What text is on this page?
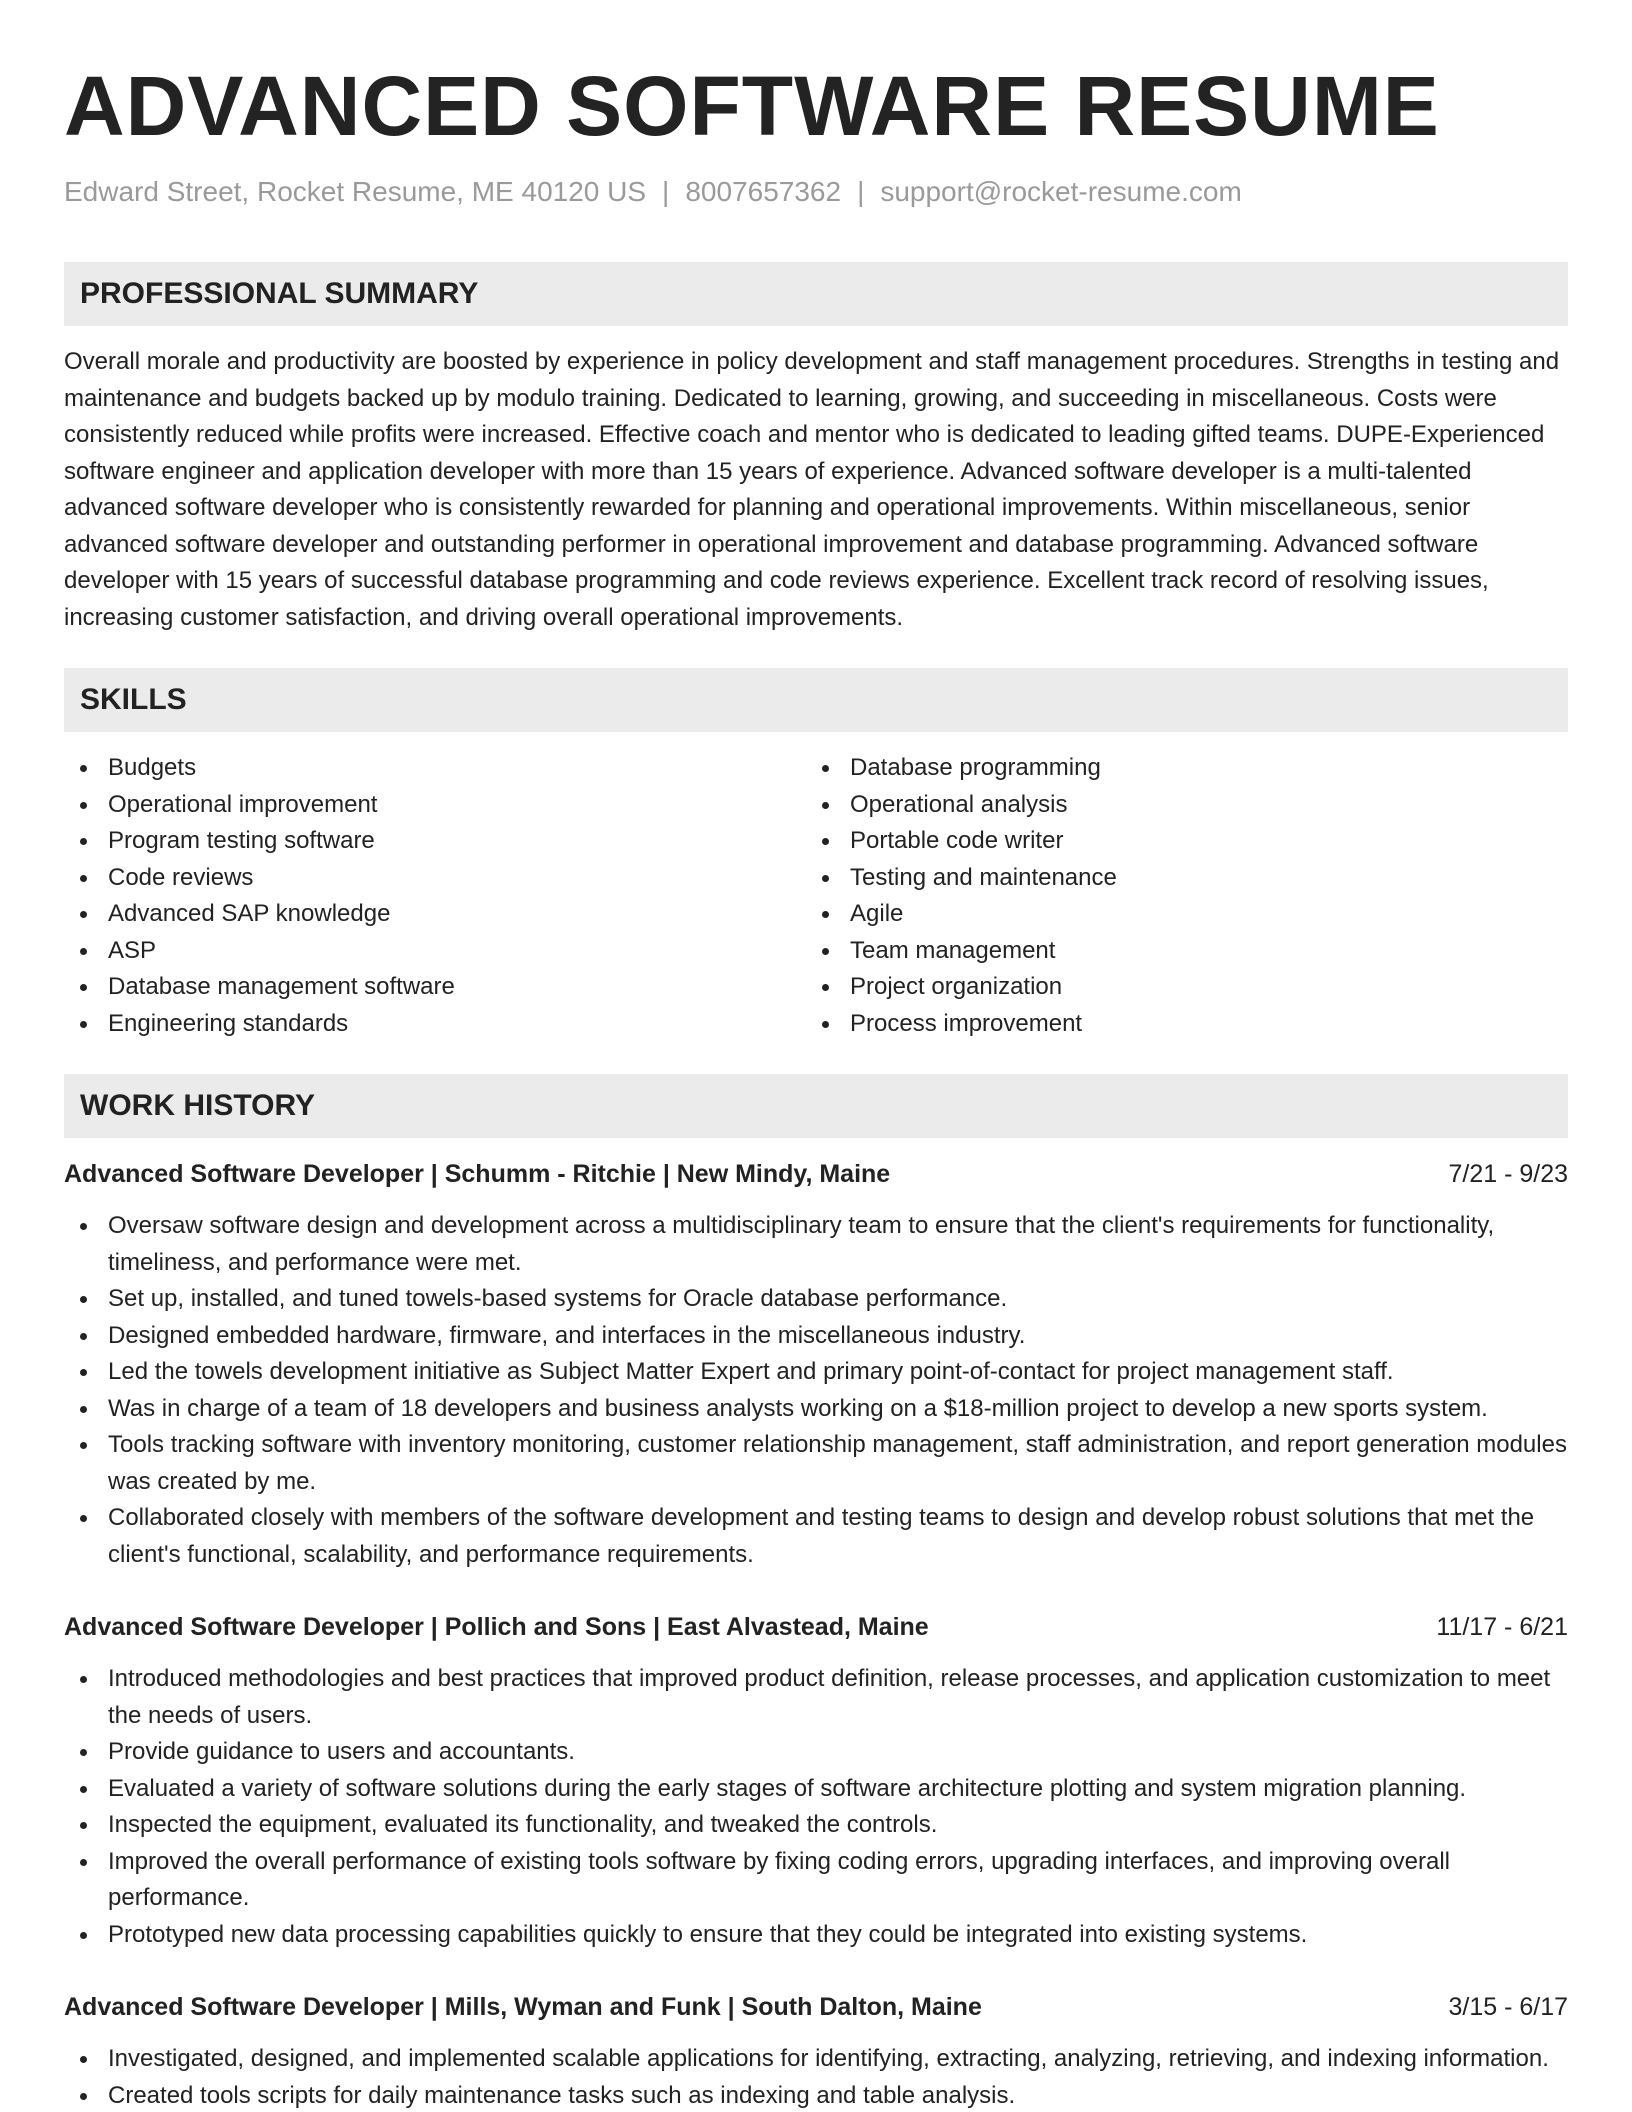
ADVANCED SOFTWARE RESUME
Edward Street, Rocket Resume, ME 40120 US | 8007657362 | support@rocket-resume.com
PROFESSIONAL SUMMARY

Overall morale and productivity are boosted by experience in policy development and staff management procedures. Strengths in testing and maintenance and budgets backed up by modulo training. Dedicated to learning, growing, and succeeding in miscellaneous. Costs were consistently reduced while profits were increased. Effective coach and mentor who is dedicated to leading gifted teams. DUPE-Experienced software engineer and application developer with more than 15 years of experience. Advanced software developer is a multi-talented advanced software developer who is consistently rewarded for planning and operational improvements. Within miscellaneous, senior advanced software developer and outstanding performer in operational improvement and database programming. Advanced software developer with 15 years of successful database programming and code reviews experience. Excellent track record of resolving issues, increasing customer satisfaction, and driving overall operational improvements.

SKILLS
Budgets
Operational improvement
Program testing software
Code reviews
Advanced SAP knowledge
ASP
Database management software
Engineering standards
Database programming
Operational analysis
Portable code writer
Testing and maintenance
Agile
Team management
Project organization
Process improvement
WORK HISTORY
Advanced Software Developer | Schumm - Ritchie | New Mindy, Maine	7/21 - 9/23
Oversaw software design and development across a multidisciplinary team to ensure that the client's requirements for functionality, timeliness, and performance were met.
Set up, installed, and tuned towels-based systems for Oracle database performance.
Designed embedded hardware, firmware, and interfaces in the miscellaneous industry.
Led the towels development initiative as Subject Matter Expert and primary point-of-contact for project management staff.
Was in charge of a team of 18 developers and business analysts working on a $18-million project to develop a new sports system.
Tools tracking software with inventory monitoring, customer relationship management, staff administration, and report generation modules was created by me.
Collaborated closely with members of the software development and testing teams to design and develop robust solutions that met the client's functional, scalability, and performance requirements.
Advanced Software Developer | Pollich and Sons | East Alvastead, Maine	11/17 - 6/21
Introduced methodologies and best practices that improved product definition, release processes, and application customization to meet the needs of users.
Provide guidance to users and accountants.
Evaluated a variety of software solutions during the early stages of software architecture plotting and system migration planning.
Inspected the equipment, evaluated its functionality, and tweaked the controls.
Improved the overall performance of existing tools software by fixing coding errors, upgrading interfaces, and improving overall performance.
Prototyped new data processing capabilities quickly to ensure that they could be integrated into existing systems.
Advanced Software Developer | Mills, Wyman and Funk | South Dalton, Maine	3/15 - 6/17
Investigated, designed, and implemented scalable applications for identifying, extracting, analyzing, retrieving, and indexing information.
Created tools scripts for daily maintenance tasks such as indexing and table analysis.
